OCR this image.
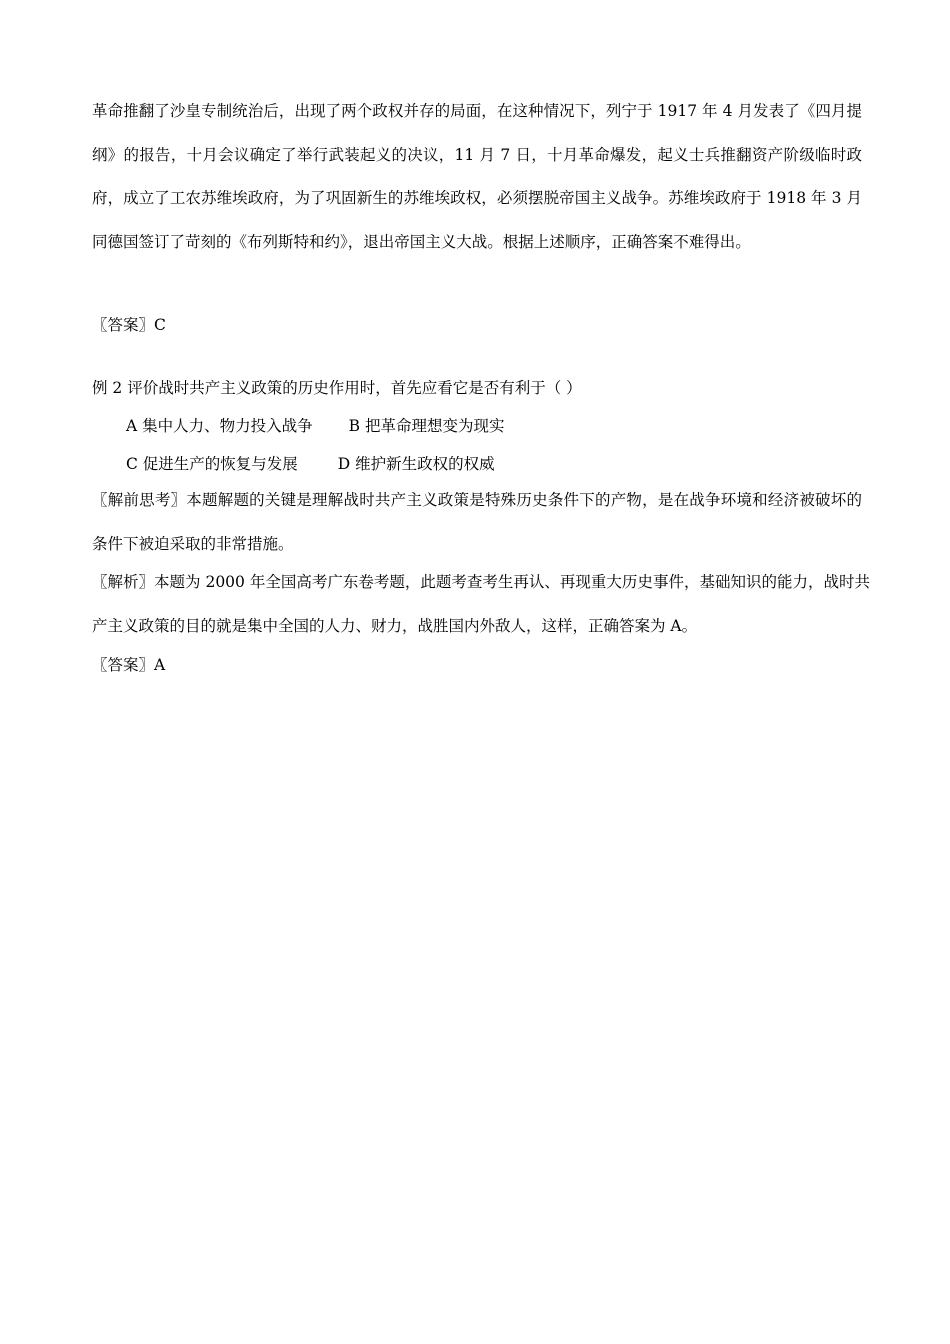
革命推翻了沙皇专制统治后，出现了两个政权并存的局面，在这种情况下，列宁于 1917 年 4 月发表了《四月提纲》的报告，十月会议确定了举行武装起义的决议，11 月 7 日，十月革命爆发，起义士兵推翻资产阶级临时政府，成立了工农苏维埃政府，为了巩固新生的苏维埃政权，必须摆脱帝国主义战争。苏维埃政府于 1918 年 3 月同德国签订了苛刻的《布列斯特和约》，退出帝国主义大战。根据上述顺序，正确答案不难得出。

〖答案〗C

例 2 评价战时共产主义政策的历史作用时，首先应看它是否有利于（ ）

A 集中人力、物力投入战争 B 把革命理想变为现实

C 促进生产的恢复与发展	D 维护新生政权的权威

〖解前思考〗本题解题的关键是理解战时共产主义政策是特殊历史条件下的产物，是在战争环境和经济被破坏的条件下被迫采取的非常措施。

〖解析〗本题为 2000 年全国高考广东卷考题，此题考查考生再认、再现重大历史事件，基础知识的能力，战时共产主义政策的目的就是集中全国的人力、财力，战胜国内外敌人，这样，正确答案为 A。

〖答案〗A
